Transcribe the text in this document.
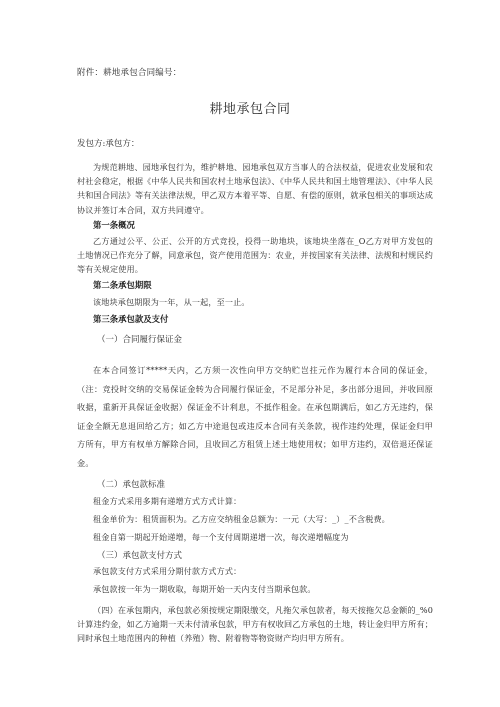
附件：耕地承包合同编号：
耕地承包合同
发包方:承包方：
为规范耕地、园地承包行为，维护耕地、园地承包双方当事人的合法权益，促进农业发展和农村社会稳定，根据《中华人民共和国农村土地承包法》、《中华人民共和国土地管理法》、《中华人民共和国合同法》等有关法律法规，甲乙双方本着平等、自愿、有偿的原则，就承包相关的事项达成协议并签订本合同，双方共同遵守。
第一条概况
乙方通过公平、公正、公开的方式竞投，投得一助地块，该地块坐落在_O乙方对甲方发包的土地情况已作充分了解，同意承包，资产使用范围为：农业，并按国家有关法律、法规和村规民约等有关规定使用。
第二条承包期限
该地块承包期限为一年，从一起，至一止。
第三条承包款及支付
（一）合同履行保证金
在本合同签订*****天内，乙方须一次性向甲方交纳贮岂拄元作为履行本合同的保证金，（注：竞投时交纳的交易保证金转为合同履行保证金，不足部分补足，多出部分退回，并收回原收据，重新开具保证金收据）保证金不计利息，不抵作租金。在承包期满后，如乙方无违约，保证金全额无息退回给乙方；如乙方中途退包或违反本合同有关条款，视作违约处理，保证金归甲方所有，甲方有权单方解除合同，且收回乙方租赁上述土地使用权；如甲方违约，双倍退还保证金。
（二）承包款标准
租金方式采用多期有递增方式方式计算：
租金单价为：租赁面积为。乙方应交纳租金总额为：一元（大写：_）_不含税费。
租金自第一期起开始递增，每一个支付周期递增一次，每次递增幅度为
（三）承包款支付方式
承包款支付方式采用分期付款方式方式：
承包款按一年为一期收取，每期开始一天内支付当期承包款。
（四）在承包期内，承包款必须按规定期限缴交，凡拖欠承包款者，每天按拖欠总金额的_%0计算违约金，如乙方逾期一天未付清承包款，甲方有权收回乙方承包的土地，转让金归甲方所有；同时承包土地范围内的种植（养殖）物、附着物等物资财产均归甲方所有。
